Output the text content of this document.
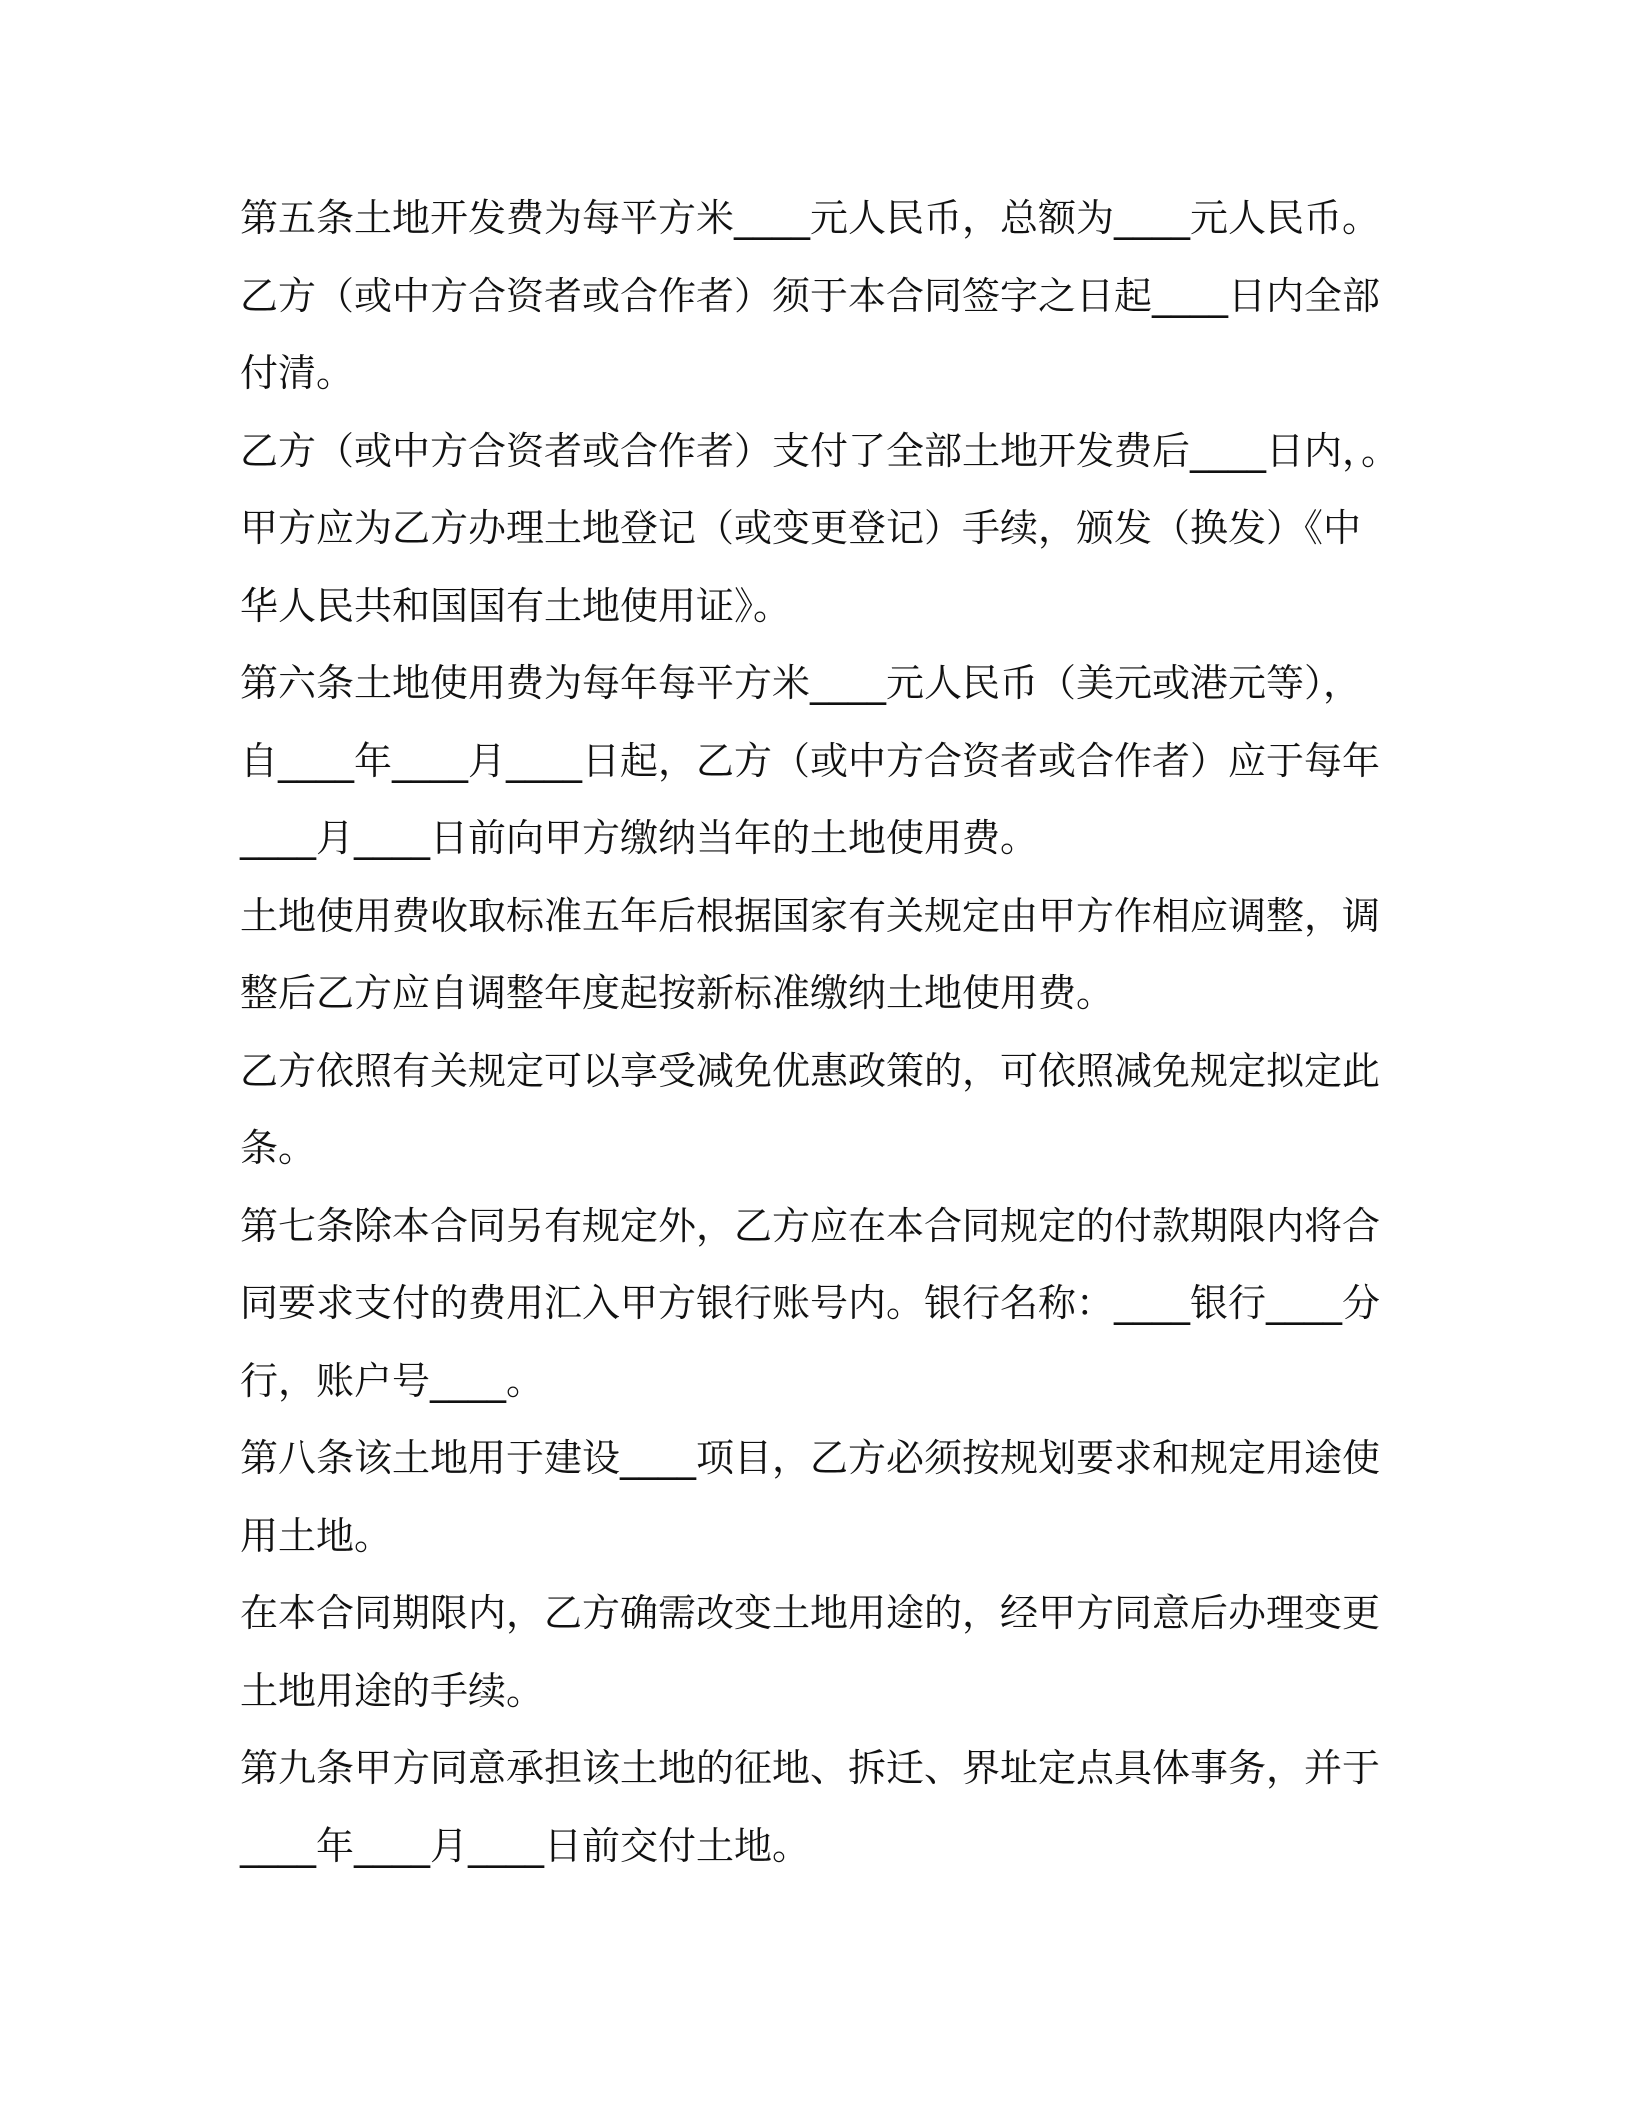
第五条土地开发费为每平方米____元人民币，总额为____元人民币。
乙方（或中方合资者或合作者）须于本合同签字之日起____日内全部
付清。
乙方（或中方合资者或合作者）支付了全部土地开发费后____日内，。
甲方应为乙方办理土地登记（或变更登记）手续，颁发（换发）《中
华人民共和国国有土地使用证》。
第六条土地使用费为每年每平方米____元人民币（美元或港元等），
自____年____月____日起，乙方（或中方合资者或合作者）应于每年
____月____日前向甲方缴纳当年的土地使用费。
土地使用费收取标准五年后根据国家有关规定由甲方作相应调整，调
整后乙方应自调整年度起按新标准缴纳土地使用费。
乙方依照有关规定可以享受减免优惠政策的，可依照减免规定拟定此
条。
第七条除本合同另有规定外，乙方应在本合同规定的付款期限内将合
同要求支付的费用汇入甲方银行账号内。银行名称：____银行____分
行，账户号____。
第八条该土地用于建设____项目，乙方必须按规划要求和规定用途使
用土地。
在本合同期限内，乙方确需改变土地用途的，经甲方同意后办理变更
土地用途的手续。
第九条甲方同意承担该土地的征地、拆迁、界址定点具体事务，并于
____年____月____日前交付土地。
